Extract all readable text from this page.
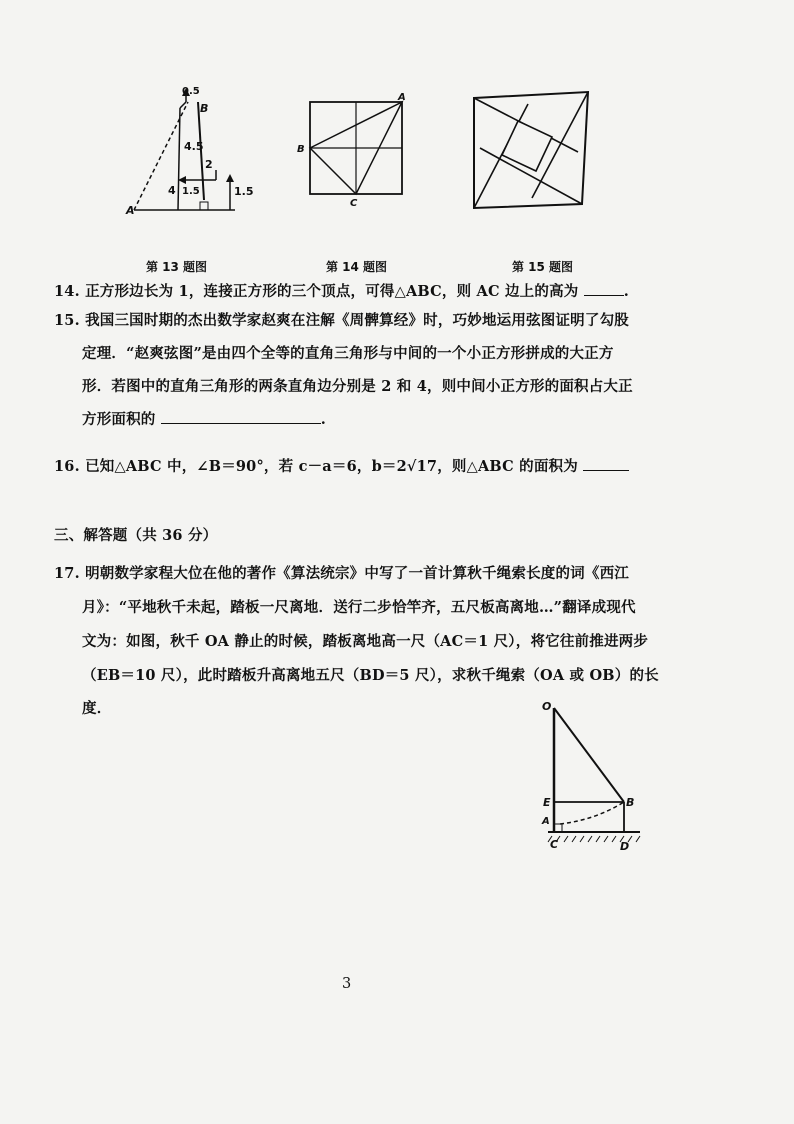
0.5
B
4.5
2
4 1.5	1.5
A
A
B
C
第 13 题图	第 14 题图	第 15 题图
14. 正方形边长为 1，连接正方形的三个顶点，可得△ABC，则 AC 边上的高为	.
15. 我国三国时期的杰出数学家赵爽在注解《周髀算经》时，巧妙地运用弦图证明了勾股
定理．“赵爽弦图”是由四个全等的直角三角形与中间的一个小正方形拼成的大正方
形．若图中的直角三角形的两条直角边分别是 2 和 4，则中间小正方形的面积占大正
方形面积的	.
16. 已知△ABC 中，∠B＝90°，若 c－a＝6，b＝2√17，则△ABC 的面积为
三、解答题（共 36 分）
17. 明朝数学家程大位在他的著作《算法统宗》中写了一首计算秋千绳索长度的词《西江
月》：“平地秋千未起，踏板一尺离地．送行二步恰竿齐，五尺板高离地…”翻译成现代
文为：如图，秋千 OA 静止的时候，踏板离地高一尺（AC＝1 尺），将它往前推进两步
（EB＝10 尺），此时踏板升高离地五尺（BD＝5 尺），求秋千绳索（OA 或 OB）的长
度．	O
E	B
A
C	D
3
